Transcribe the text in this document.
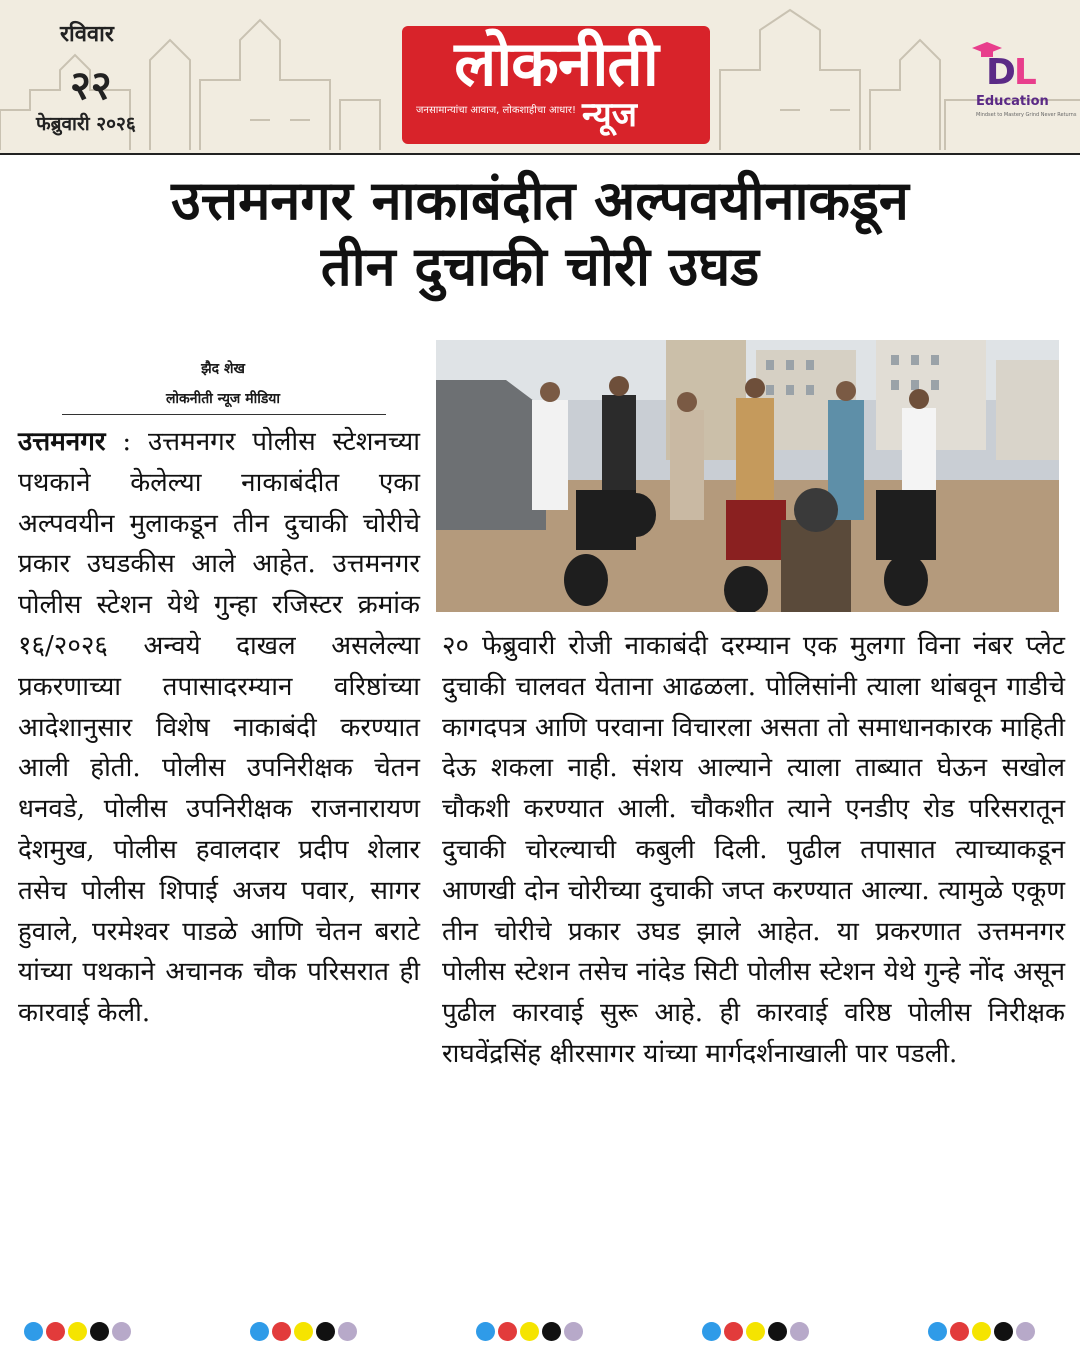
रविवार
२२
फेब्रुवारी २०२६
लोकनीती
जनसामान्यांचा आवाज, लोकशाहीचा आधार! न्यूज
DL
Education
Mindset to Mastery Grind Never Returns
उत्तमनगर नाकाबंदीत अल्पवयीनाकडून
तीन दुचाकी चोरी उघड
झैद शेख
लोकनीती न्यूज मीडिया
उत्तमनगर : उत्तमनगर पोलीस स्टेशनच्या पथकाने केलेल्या नाकाबंदीत एका अल्पवयीन मुलाकडून तीन दुचाकी चोरीचे प्रकार उघडकीस आले आहेत. उत्तमनगर पोलीस स्टेशन येथे गुन्हा रजिस्टर क्रमांक १६/२०२६ अन्वये दाखल असलेल्या प्रकरणाच्या तपासादरम्यान वरिष्ठांच्या आदेशानुसार विशेष नाकाबंदी करण्यात आली होती. पोलीस उपनिरीक्षक चेतन धनवडे, पोलीस उपनिरीक्षक राजनारायण देशमुख, पोलीस हवालदार प्रदीप शेलार तसेच पोलीस शिपाई अजय पवार, सागर हुवाले, परमेश्वर पाडळे आणि चेतन बराटे यांच्या पथकाने अचानक चौक परिसरात ही कारवाई केली.
२० फेब्रुवारी रोजी नाकाबंदी दरम्यान एक मुलगा विना नंबर प्लेट दुचाकी चालवत येताना आढळला. पोलिसांनी त्याला थांबवून गाडीचे कागदपत्र आणि परवाना विचारला असता तो समाधानकारक माहिती देऊ शकला नाही. संशय आल्याने त्याला ताब्यात घेऊन सखोल चौकशी करण्यात आली. चौकशीत त्याने एनडीए रोड परिसरातून दुचाकी चोरल्याची कबुली दिली. पुढील तपासात त्याच्याकडून आणखी दोन चोरीच्या दुचाकी जप्त करण्यात आल्या. त्यामुळे एकूण तीन चोरीचे प्रकार उघड झाले आहेत. या प्रकरणात उत्तमनगर पोलीस स्टेशन तसेच नांदेड सिटी पोलीस स्टेशन येथे गुन्हे नोंद असून पुढील कारवाई सुरू आहे. ही कारवाई वरिष्ठ पोलीस निरीक्षक राघवेंद्रसिंह क्षीरसागर यांच्या मार्गदर्शनाखाली पार पडली.
